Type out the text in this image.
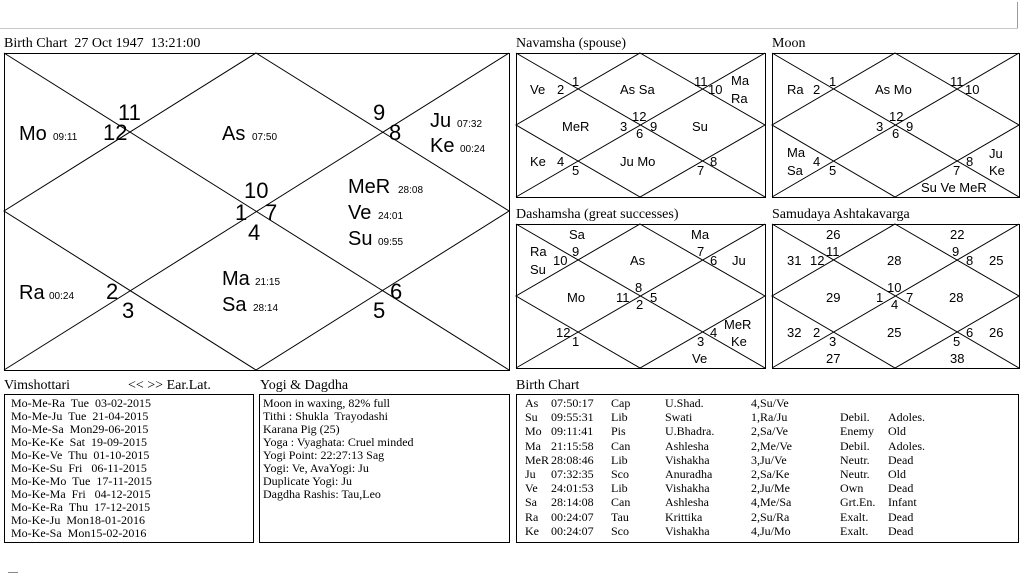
Birth Chart  27 Oct 1947  13:21:00
12
11	9
8
1
10
7
4
2
3
6
5
Mo 09:11	As 07:50
Ju 07:32
Ke 00:24
MeR 28:08
Ve 24:01
Su 09:55
Ra 00:24
Ma 21:15
Sa 28:14
Navamsha (spouse)
Ve 2
1
As Sa
11
10
Ma
Ra
MeR 3
12
6 9	Su
Ke 4
5
Ju Mo
7
8
Moon
Ra 2
1
As Mo
11
10
3
12
6 9
Ma
Sa
4
5	7
8
Ju
Ke
Su Ve MeR
Dashamsha (great successes)
Sa
Ra
Su
10
9
As
Ma
7
6 Ju
Mo 11
8
2 5
12
1	3
4
MeR
Ke
Ve
Samudaya Ashtakavarga
26	22
31 12
11
28
9
8 25
29	1
10
7
4	28
32 2
3
25
5
6 26
27	38
Vimshottari	<< >> Ear.Lat.
Mo-Me-Ra  Tue  03-02-2015
Mo-Me-Ju  Tue  21-04-2015
Mo-Me-Sa  Mon29-06-2015
Mo-Ke-Ke  Sat  19-09-2015
Mo-Ke-Ve  Thu  01-10-2015
Mo-Ke-Su  Fri   06-11-2015
Mo-Ke-Mo  Tue  17-11-2015
Mo-Ke-Ma  Fri   04-12-2015
Mo-Ke-Ra  Thu  17-12-2015
Mo-Ke-Ju  Mon18-01-2016
Mo-Ke-Sa  Mon15-02-2016
Yogi & Dagdha
Moon in waxing, 82% full
Tithi : Shukla  Trayodashi
Karana Pig (25)
Yoga : Vyaghata: Cruel minded
Yogi Point: 22:27:13 Sag
Yogi: Ve, AvaYogi: Ju
Duplicate Yogi: Ju
Dagdha Rashis: Tau,Leo
Birth Chart
As 07:50:17 Cap	U.Shad.	4,Su/Ve
Su 09:55:31 Lib	Swati	1,Ra/Ju	Debil. Adoles.
Mo 09:11:41 Pis	U.Bhadra.	2,Sa/Ve	Enemy Old
Ma 21:15:58 Can	Ashlesha	2,Me/Ve	Debil. Adoles.
MeR 28:08:46 Lib	Vishakha	3,Ju/Ve	Neutr. Dead
Ju 07:32:35 Sco	Anuradha	2,Sa/Ke	Neutr. Old
Ve 24:01:53 Lib	Vishakha	2,Ju/Me	Own Dead
Sa 28:14:08 Can	Ashlesha	4,Me/Sa	Grt.En. Infant
Ra 00:24:07 Tau	Krittika	2,Su/Ra	Exalt. Dead
Ke 00:24:07 Sco	Vishakha	4,Ju/Mo	Exalt. Dead
